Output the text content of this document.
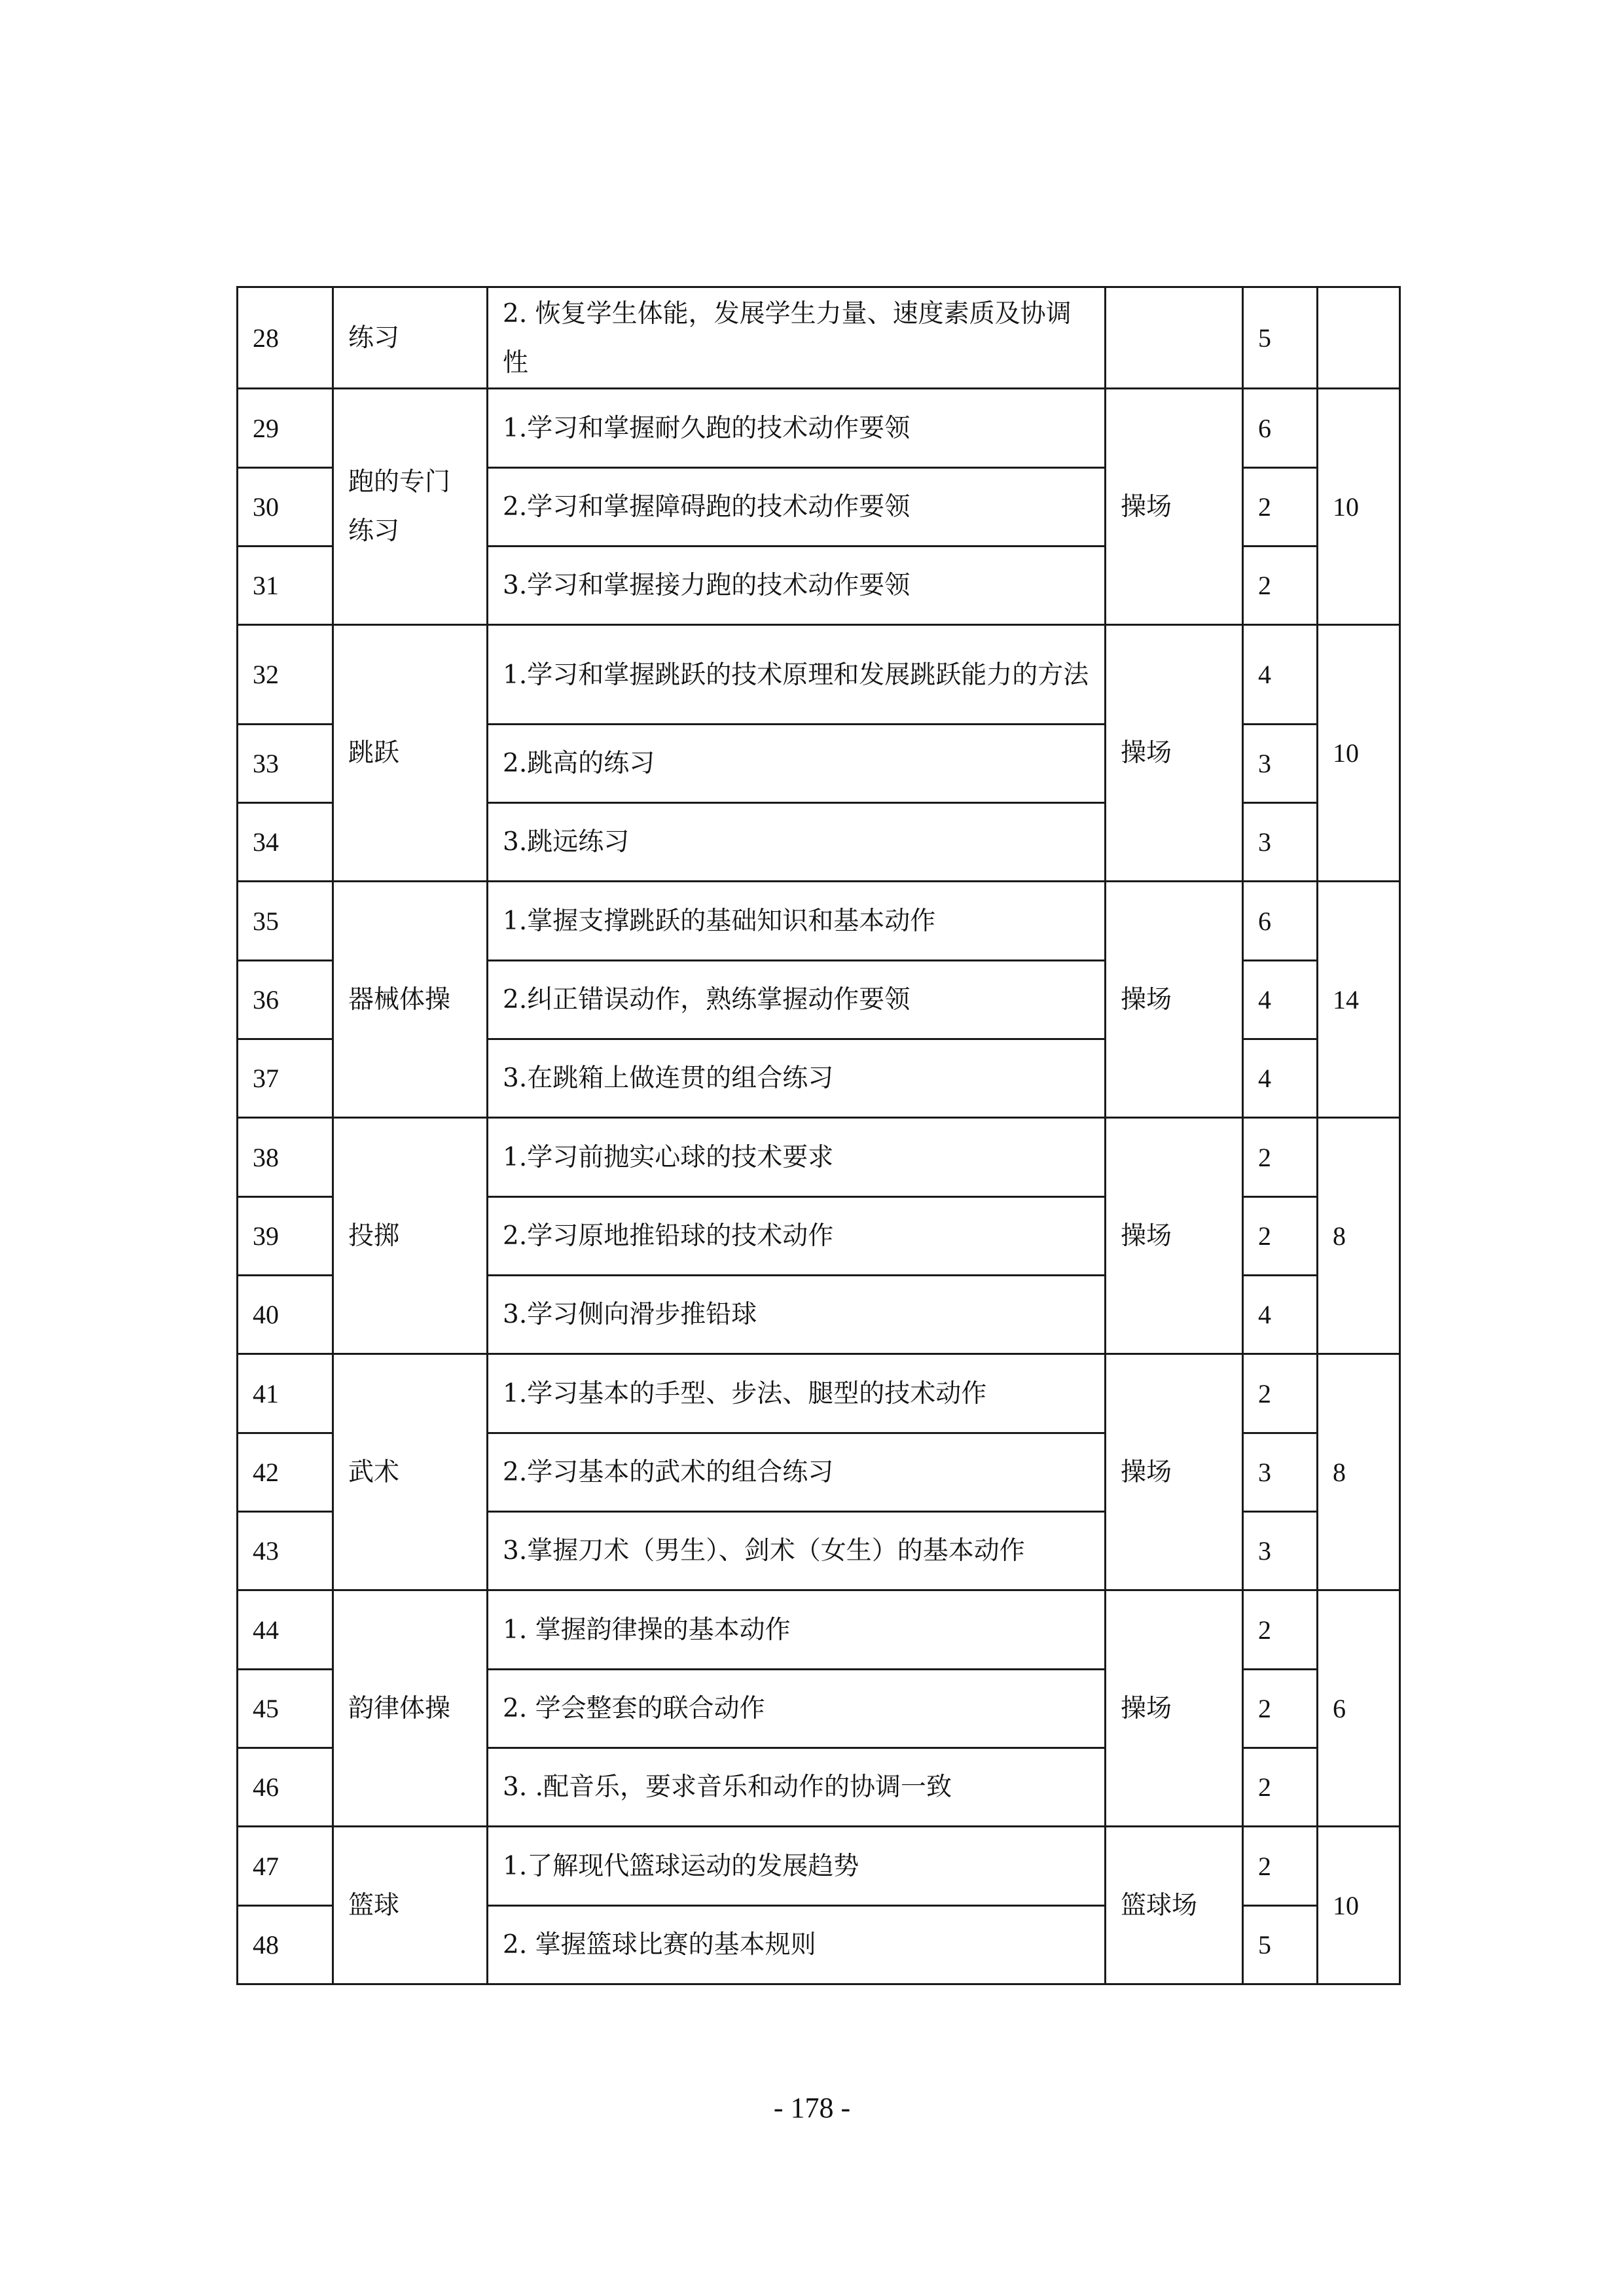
28	练习	2. 恢复学生体能，发展学生力量、速度素质及协调性		5	
29	跑的专门练习	1.学习和掌握耐久跑的技术动作要领	操场	6	10
30		2.学习和掌握障碍跑的技术动作要领		2	
31		3.学习和掌握接力跑的技术动作要领		2	
32	跳跃	1.学习和掌握跳跃的技术原理和发展跳跃能力的方法	操场	4	10
33		2.跳高的练习		3	
34		3.跳远练习		3	
35	器械体操	1.掌握支撑跳跃的基础知识和基本动作	操场	6	14
36		2.纠正错误动作，熟练掌握动作要领		4	
37		3.在跳箱上做连贯的组合练习		4	
38	投掷	1.学习前抛实心球的技术要求	操场	2	8
39		2.学习原地推铅球的技术动作		2	
40		3.学习侧向滑步推铅球		4	
41	武术	1.学习基本的手型、步法、腿型的技术动作	操场	2	8
42		2.学习基本的武术的组合练习		3	
43		3.掌握刀术（男生）、剑术（女生）的基本动作		3	
44	韵律体操	1. 掌握韵律操的基本动作	操场	2	6
45		2. 学会整套的联合动作		2	
46		3. .配音乐，要求音乐和动作的协调一致		2	
47	篮球	1.了解现代篮球运动的发展趋势	篮球场	2	10
48		2. 掌握篮球比赛的基本规则		5	
- 178 -
